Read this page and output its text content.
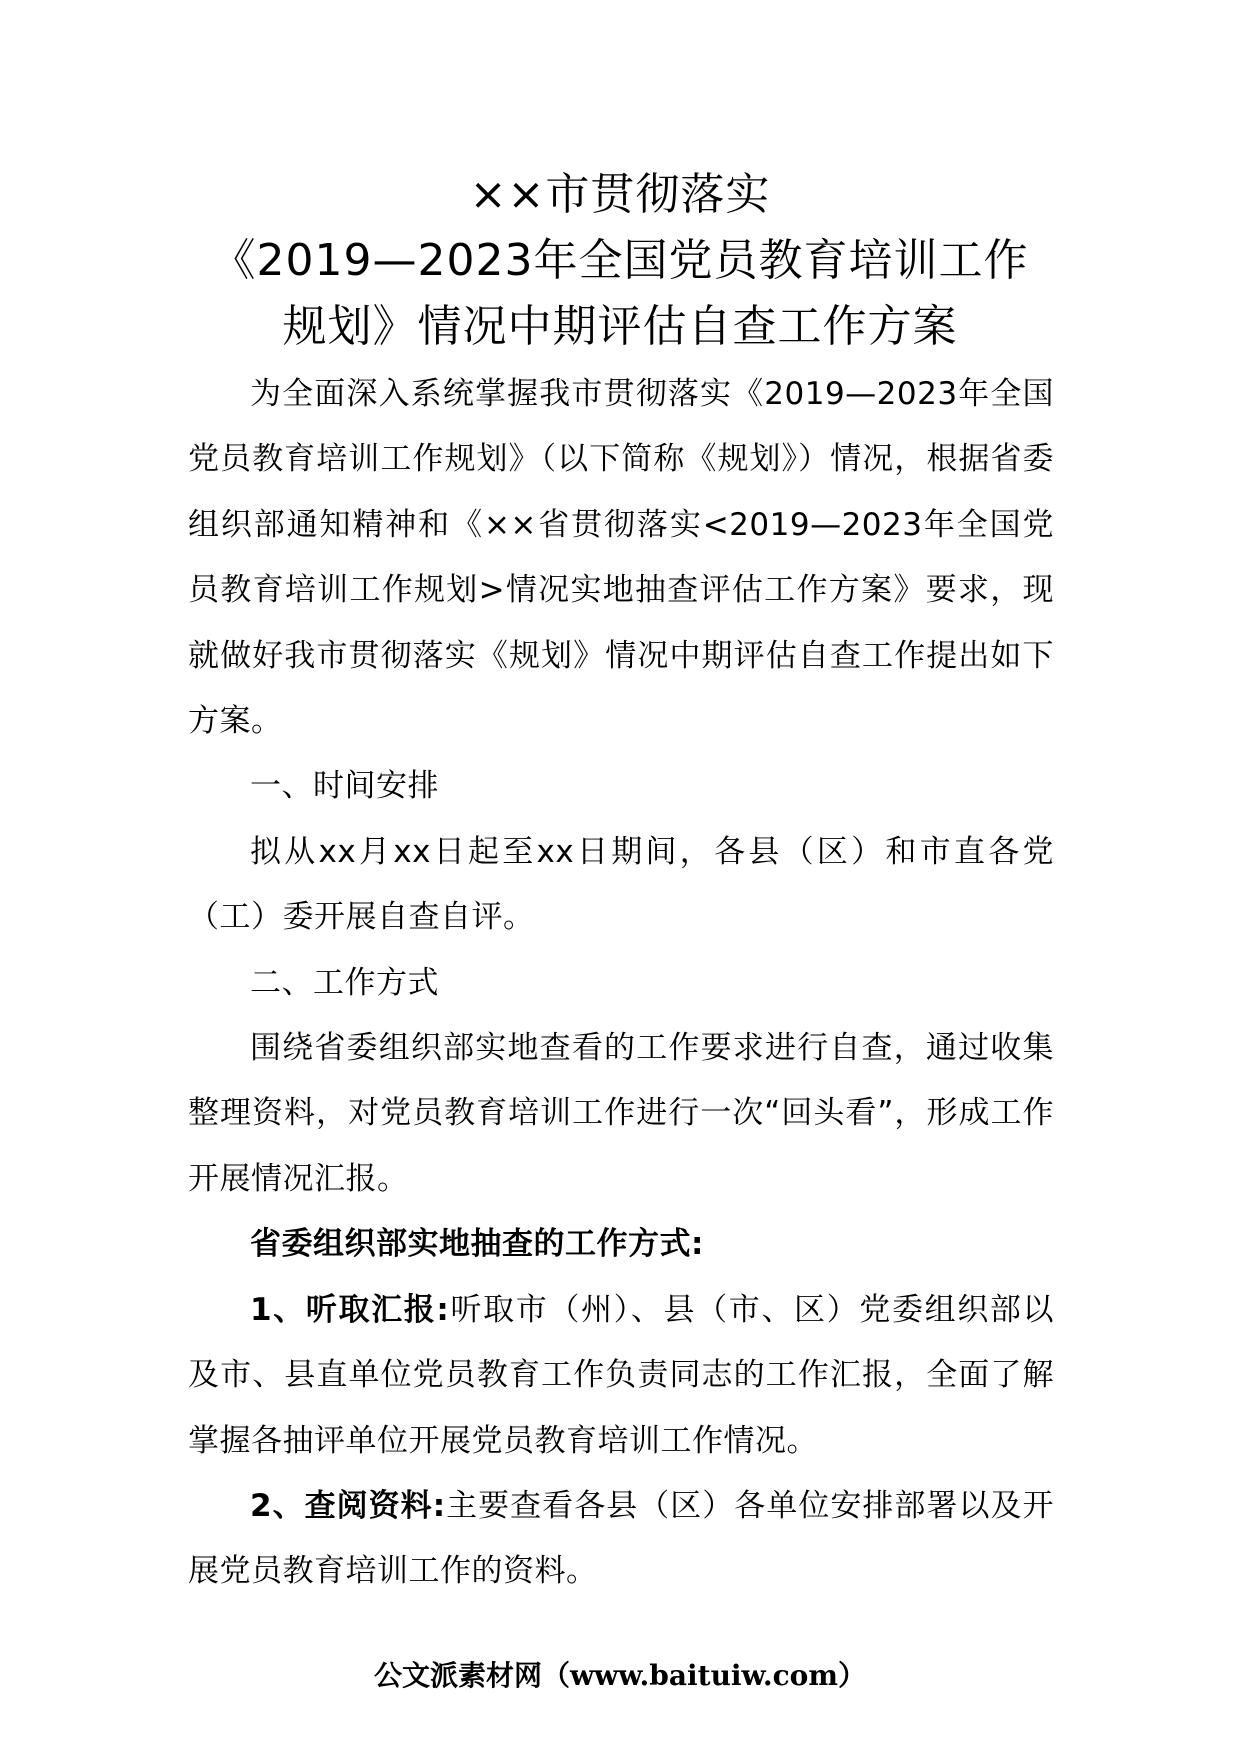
××市贯彻落实
《2019—2023年全国党员教育培训工作
规划》情况中期评估自查工作方案

为全面深入系统掌握我市贯彻落实《2019—2023年全国党员教育培训工作规划》（以下简称《规划》）情况，根据省委组织部通知精神和《××省贯彻落实<2019—2023年全国党员教育培训工作规划>情况实地抽查评估工作方案》要求，现就做好我市贯彻落实《规划》情况中期评估自查工作提出如下方案。

一、时间安排

拟从xx月xx日起至xx日期间，各县（区）和市直各党（工）委开展自查自评。

二、工作方式

围绕省委组织部实地查看的工作要求进行自查，通过收集整理资料，对党员教育培训工作进行一次“回头看”，形成工作开展情况汇报。

省委组织部实地抽查的工作方式:

1、听取汇报:听取市（州）、县（市、区）党委组织部以及市、县直单位党员教育工作负责同志的工作汇报，全面了解掌握各抽评单位开展党员教育培训工作情况。

2、查阅资料:主要查看各县（区）各单位安排部署以及开展党员教育培训工作的资料。

公文派素材网（www.baituiw.com）
